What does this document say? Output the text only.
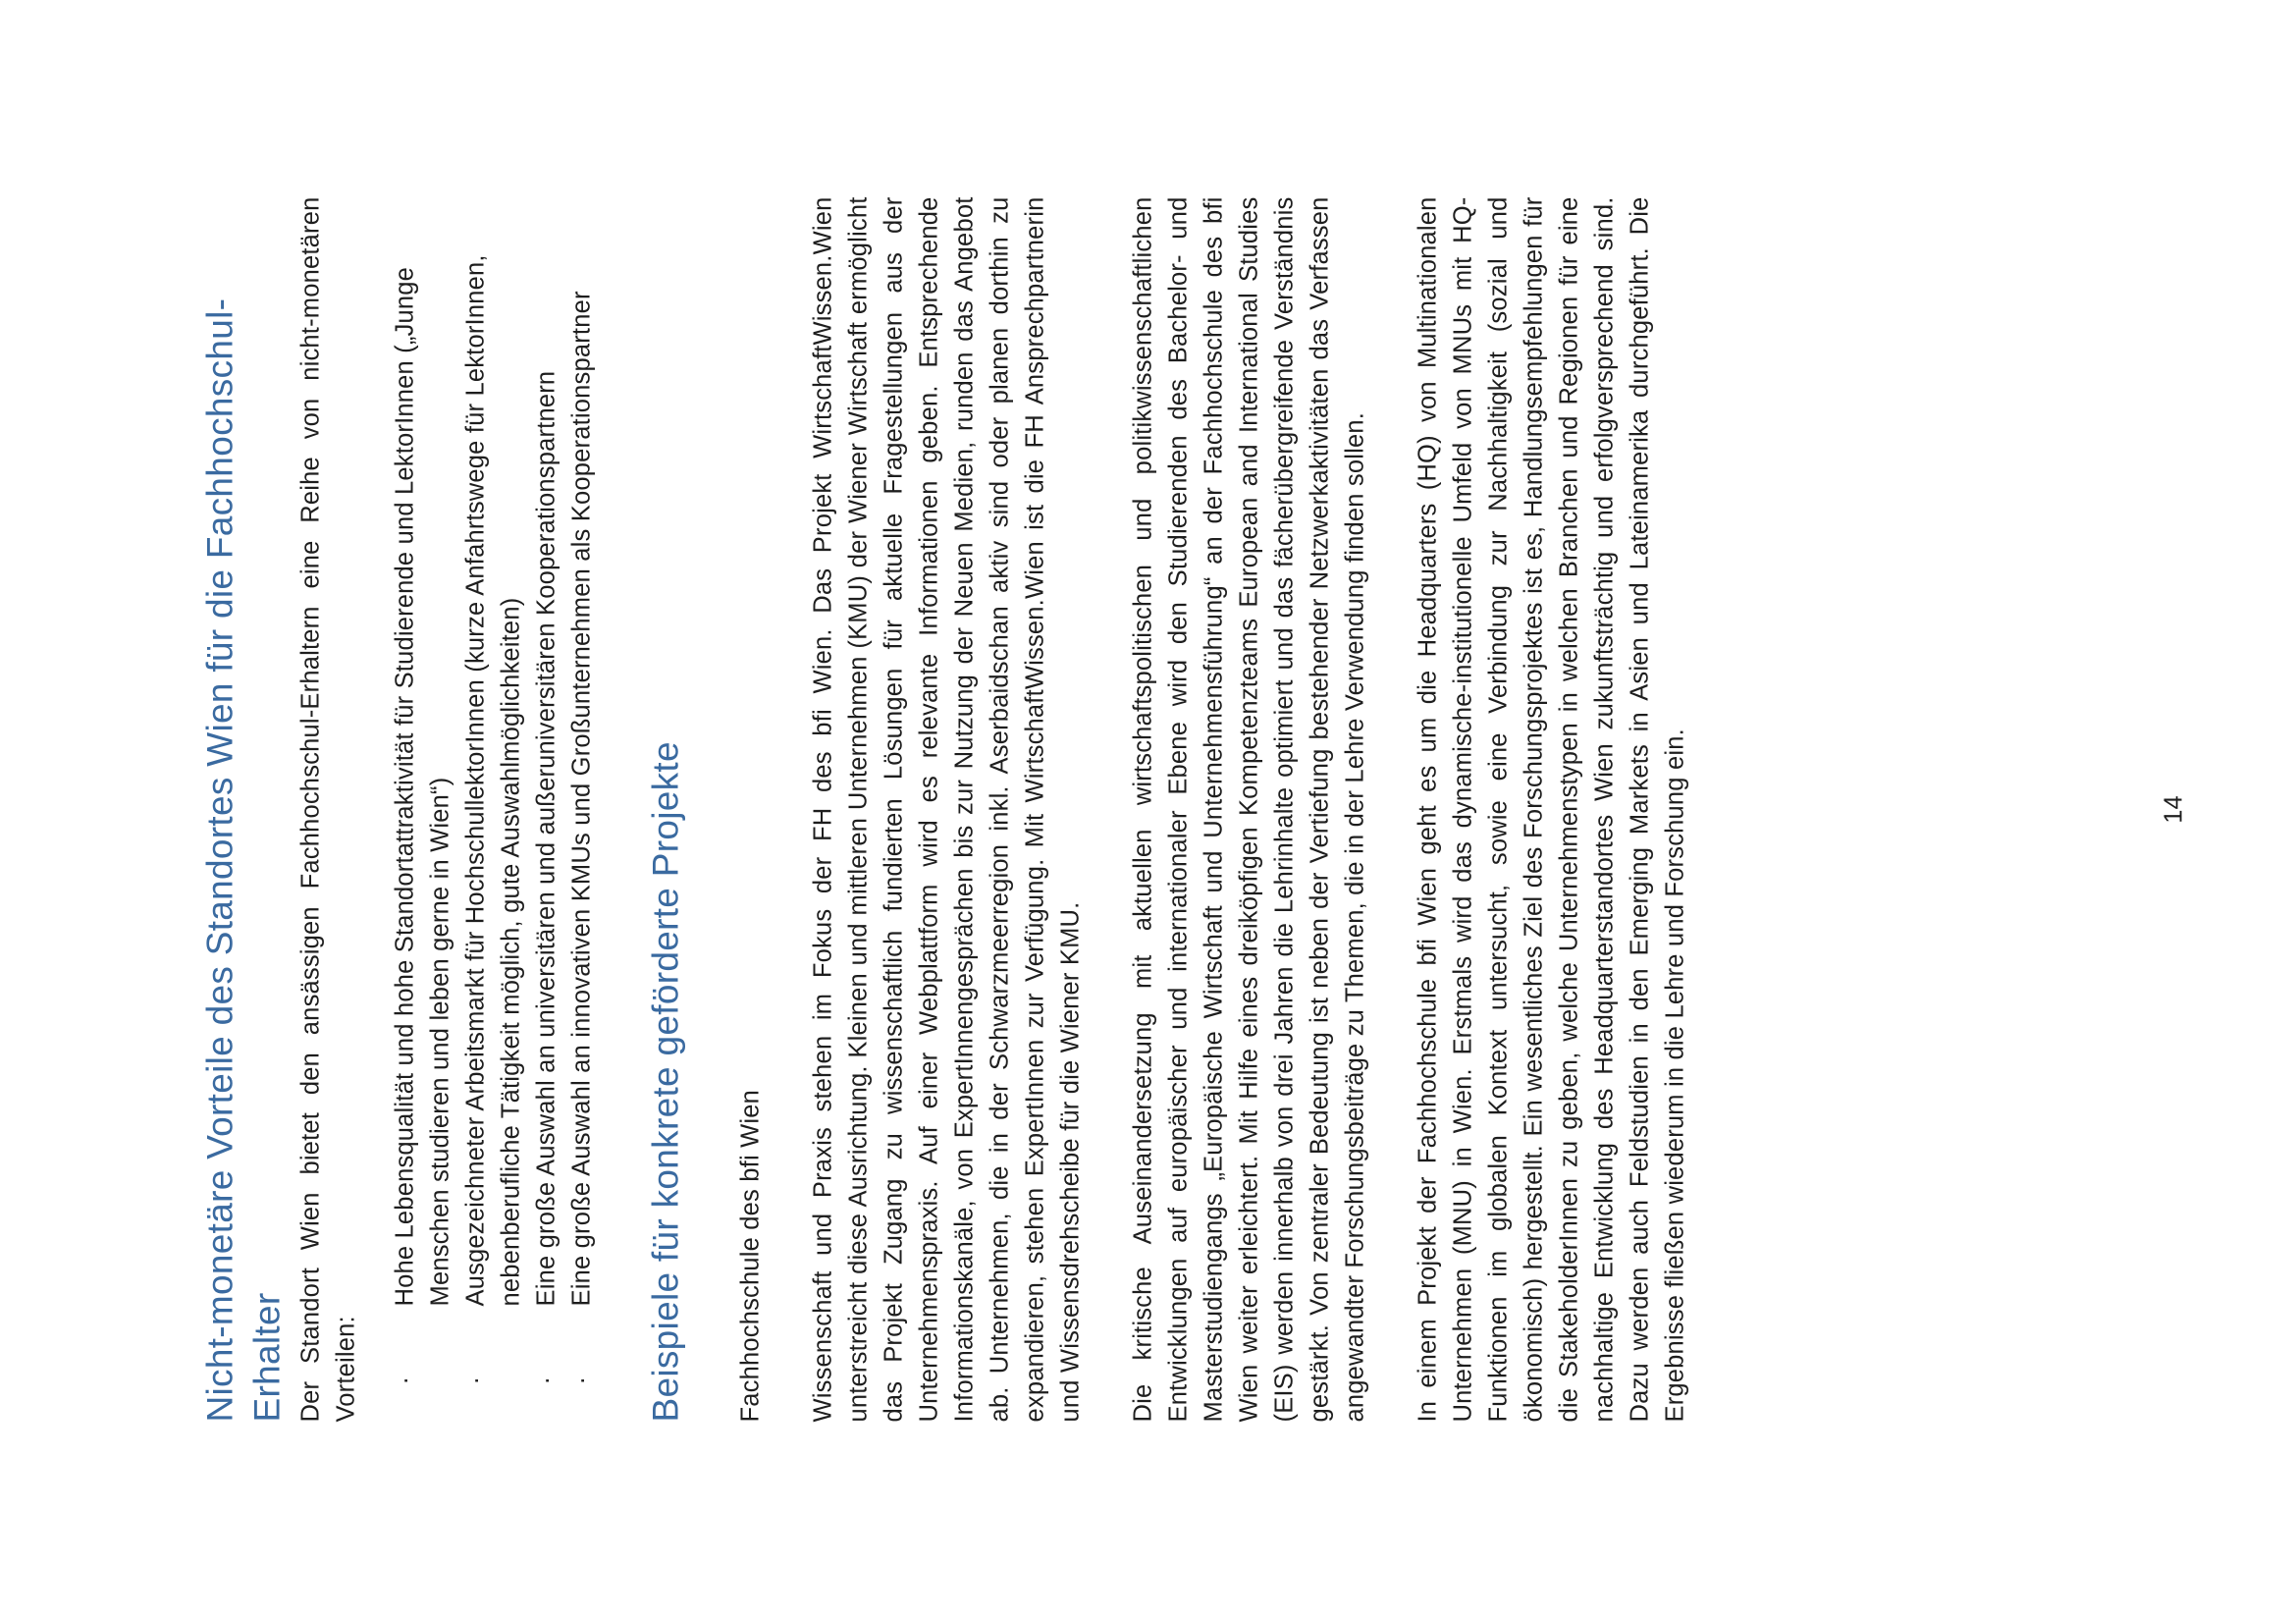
Nicht-monetäre Vorteile des Standortes Wien für die Fachhochschul-Erhalter Der Standort Wien bietet den ansässigen Fachhochschul-Erhaltern eine Reihe von nicht-monetären Vorteilen: ·
Hohe Lebensqualität und hohe Standortattraktivität für Studierende und LektorInnen („Junge Menschen studieren und leben gerne in Wien“)
·
Ausgezeichneter Arbeitsmarkt für HochschullektorInnen (kurze Anfahrtswege für LektorInnen, nebenberufliche Tätigkeit möglich, gute Auswahlmöglichkeiten)
·
Eine große Auswahl an universitären und außeruniversitären Kooperationspartnern
·
Eine große Auswahl an innovativen KMUs und Großunternehmen als Kooperationspartner Beispiele für konkrete geförderte Projekte Fachhochschule des bfi Wien Wissenschaft und Praxis stehen im Fokus der FH des bfi Wien. Das Projekt WirtschaftWissen.Wien unterstreicht diese Ausrichtung. Kleinen und mittleren Unternehmen (KMU) der Wiener Wirtschaft ermöglicht das Projekt Zugang zu wissenschaftlich fundierten Lösungen für aktuelle Fragestellungen aus der Unternehmenspraxis. Auf einer Webplattform wird es relevante Informationen geben. Entsprechende Informationskanäle, von ExpertInnengesprächen bis zur Nutzung der Neuen Medien, runden das Angebot ab. Unternehmen, die in der Schwarzmeerregion inkl. Aserbaidschan aktiv sind oder planen dorthin zu expandieren, stehen ExpertInnen zur Verfügung. Mit WirtschaftWissen.Wien ist die FH Ansprechpartnerin und Wissensdrehscheibe für die Wiener KMU. Die kritische Auseinandersetzung mit aktuellen wirtschaftspolitischen und politikwissenschaftlichen Entwicklungen auf europäischer und internationaler Ebene wird den Studierenden des Bachelor- und Masterstudiengangs „Europäische Wirtschaft und Unternehmensführung“ an der Fachhochschule des bfi Wien weiter erleichtert. Mit Hilfe eines dreiköpfigen Kompetenzteams European and International Studies (EIS) werden innerhalb von drei Jahren die Lehrinhalte optimiert und das fächerübergreifende Verständnis gestärkt. Von zentraler Bedeutung ist neben der Vertiefung bestehender Netzwerkaktivitäten das Verfassen angewandter Forschungsbeiträge zu Themen, die in der Lehre Verwendung finden sollen. In einem Projekt der Fachhochschule bfi Wien geht es um die Headquarters (HQ) von Multinationalen Unternehmen (MNU) in Wien. Erstmals wird das dynamische-institutionelle Umfeld von MNUs mit HQ-Funktionen im globalen Kontext untersucht, sowie eine Verbindung zur Nachhaltigkeit (sozial und ökonomisch) hergestellt. Ein wesentliches Ziel des Forschungsprojektes ist es, Handlungsempfehlungen für die StakeholderInnen zu geben, welche Unternehmenstypen in welchen Branchen und Regionen für eine nachhaltige Entwicklung des Headquarterstandortes Wien zukunftsträchtig und erfolgversprechend sind. Dazu werden auch Feldstudien in den Emerging Markets in Asien und Lateinamerika durchgeführt. Die Ergebnisse fließen wiederum in die Lehre und Forschung ein.	14
